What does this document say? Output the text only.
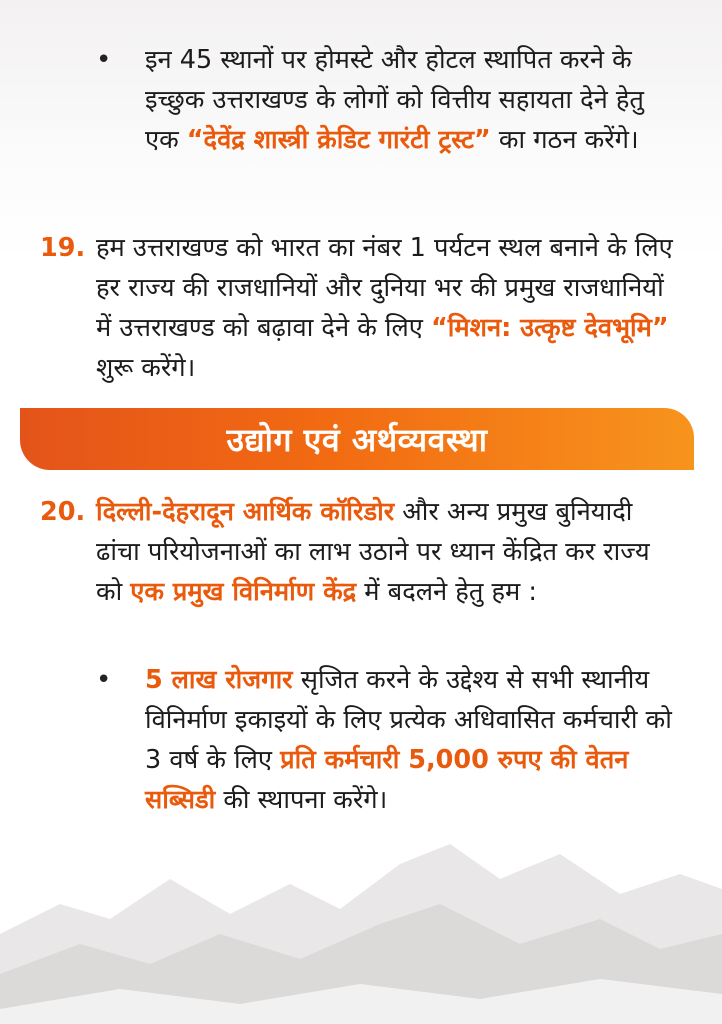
• इन 45 स्थानों पर होमस्टे और होटल स्थापित करने के इच्छुक उत्तराखण्ड के लोगों को वित्तीय सहायता देने हेतु एक “देवेंद्र शास्त्री क्रेडिट गारंटी ट्रस्ट” का गठन करेंगे।

19. हम उत्तराखण्ड को भारत का नंबर 1 पर्यटन स्थल बनाने के लिए हर राज्य की राजधानियों और दुनिया भर की प्रमुख राजधानियों में उत्तराखण्ड को बढ़ावा देने के लिए “मिशन: उत्कृष्ट देवभूमि” शुरू करेंगे।

उद्योग एवं अर्थव्यवस्था
20. दिल्ली-देहरादून आर्थिक कॉरिडोर और अन्य प्रमुख बुनियादी ढांचा परियोजनाओं का लाभ उठाने पर ध्यान केंद्रित कर राज्य को एक प्रमुख विनिर्माण केंद्र में बदलने हेतु हम :

• 5 लाख रोजगार सृजित करने के उद्देश्य से सभी स्थानीय विनिर्माण इकाइयों के लिए प्रत्येक अधिवासित कर्मचारी को 3 वर्ष के लिए प्रति कर्मचारी 5,000 रुपए की वेतन सब्सिडी की स्थापना करेंगे।
